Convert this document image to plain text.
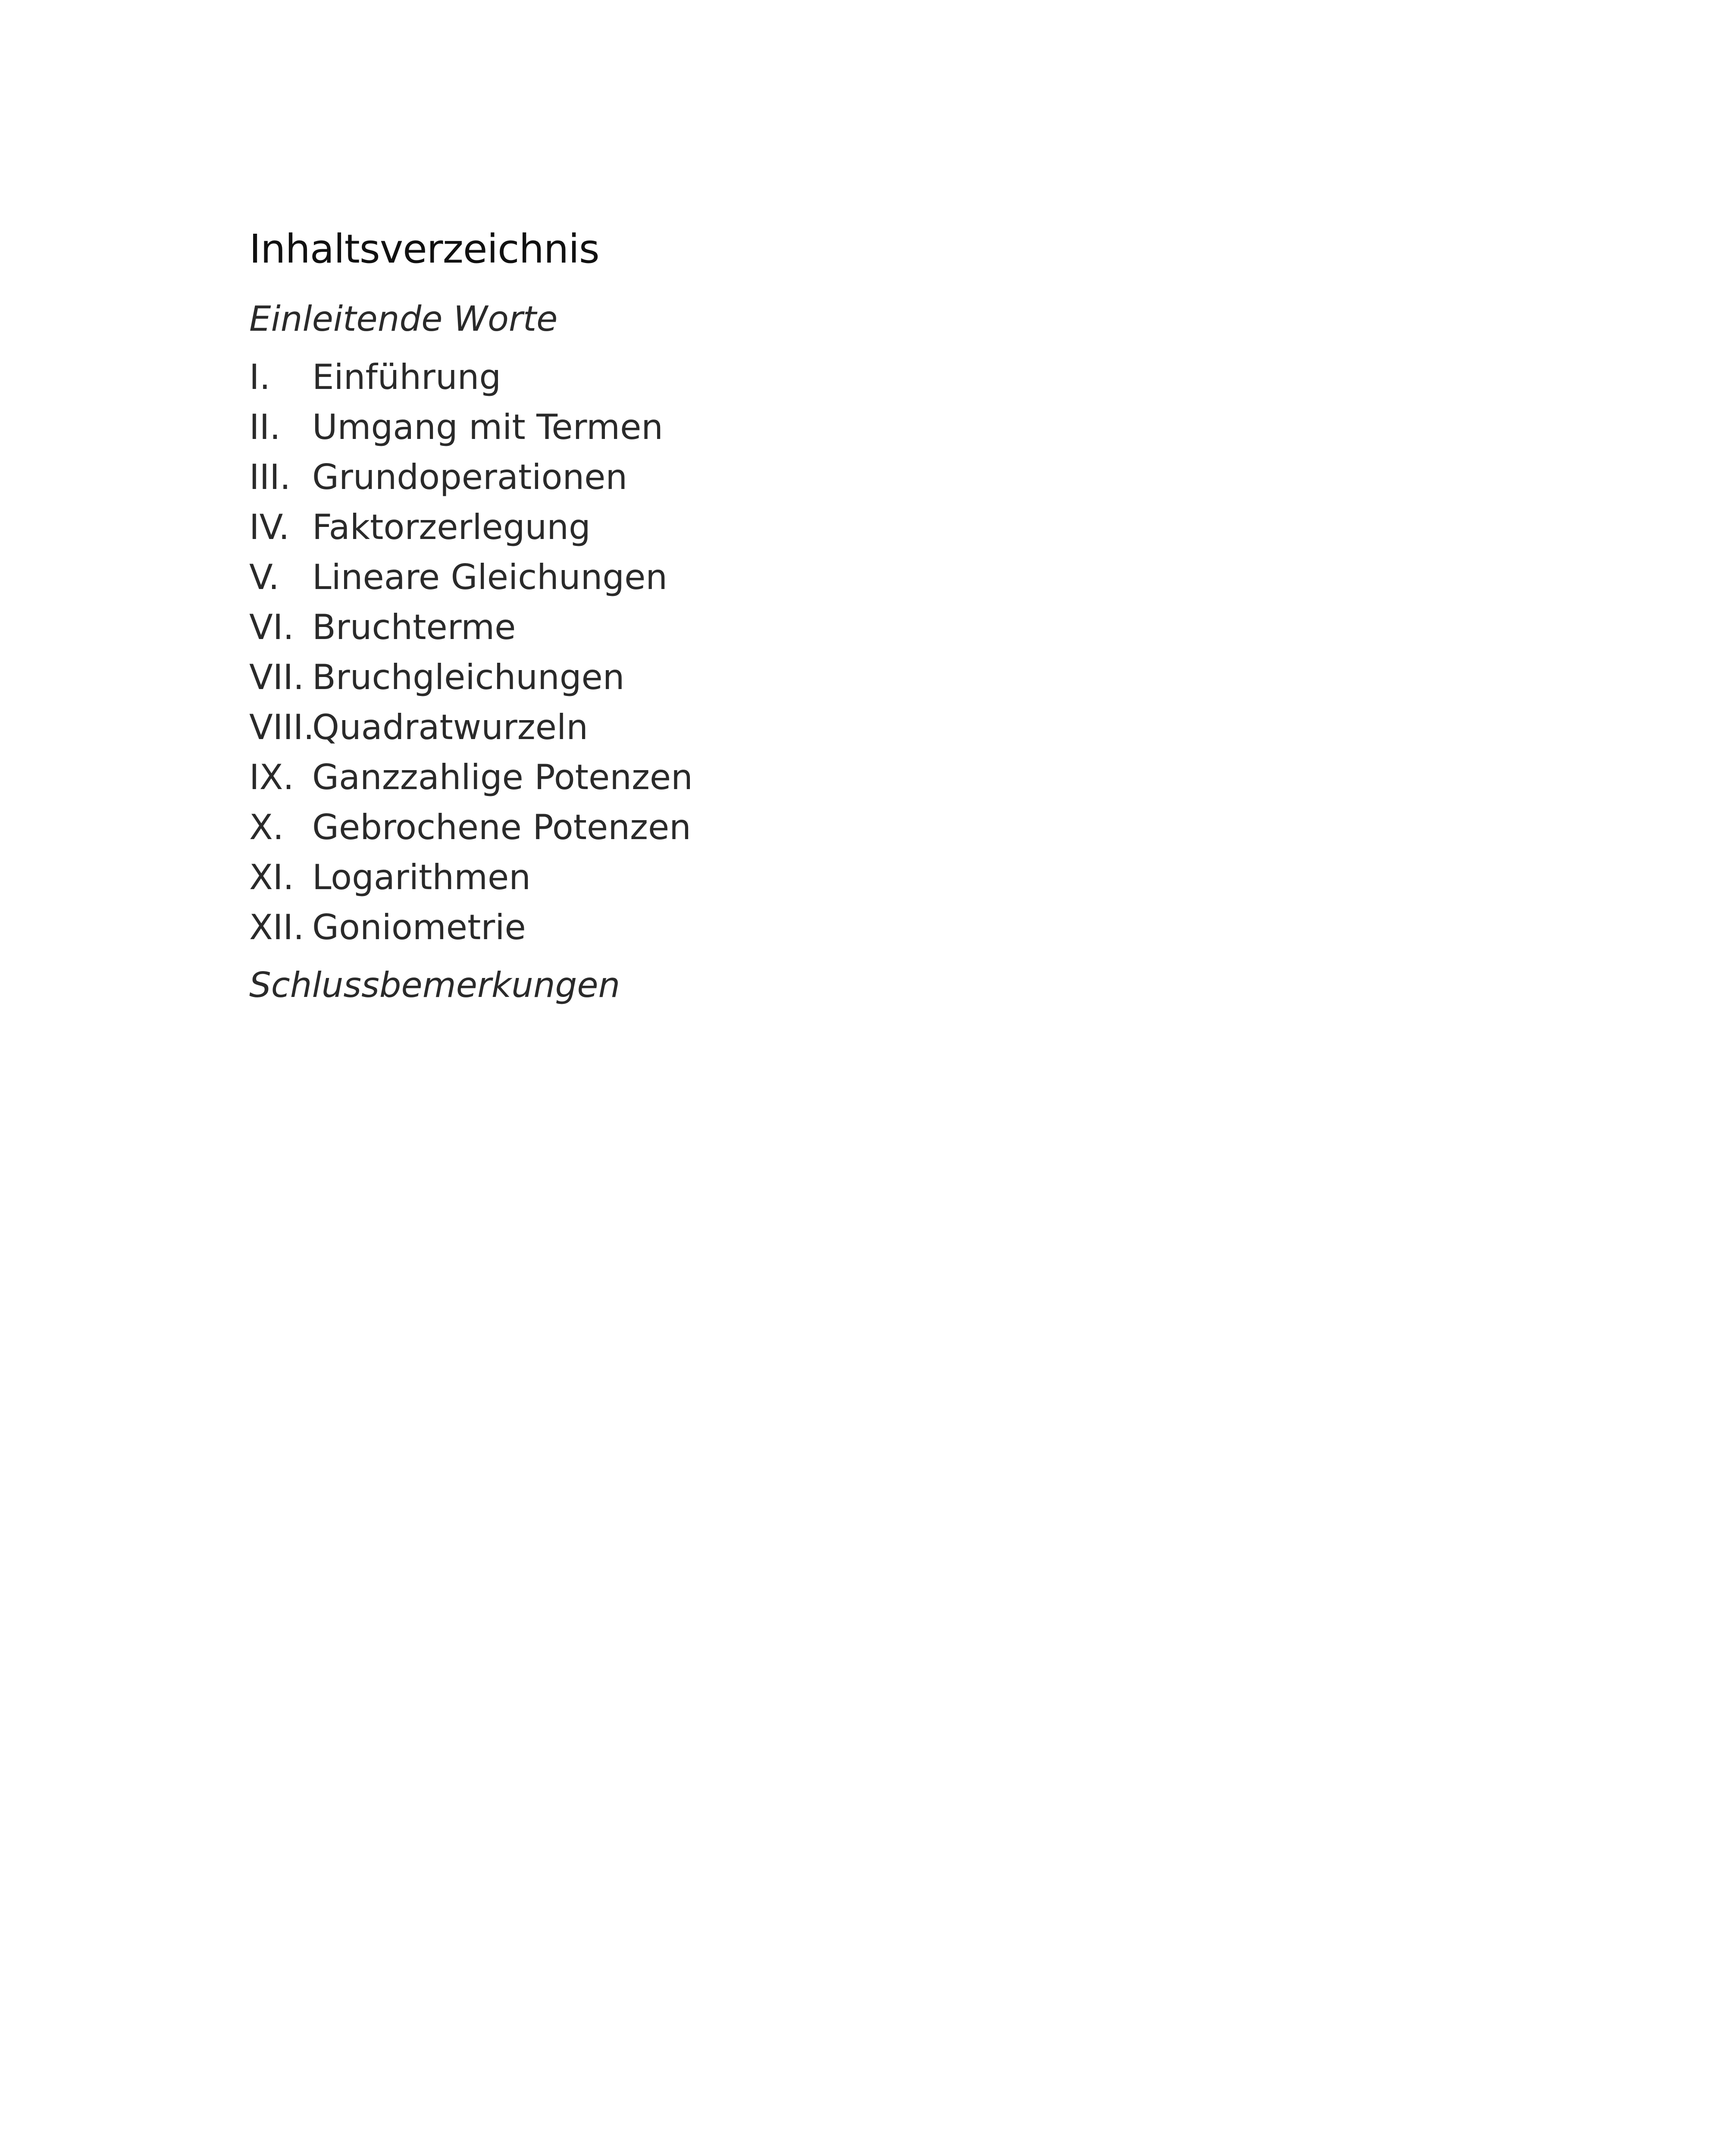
Inhaltsverzeichnis
Einleitende Worte
I.	Einführung
II. Umgang mit Termen
III. Grundoperationen
IV. Faktorzerlegung
V. Lineare Gleichungen
VI. Bruchterme
VII. Bruchgleichungen
VIII.
Quadratwurzeln
IX. Ganzzahlige Potenzen
X. Gebrochene Potenzen
XI. Logarithmen
XII. Goniometrie
Schlussbemerkungen
